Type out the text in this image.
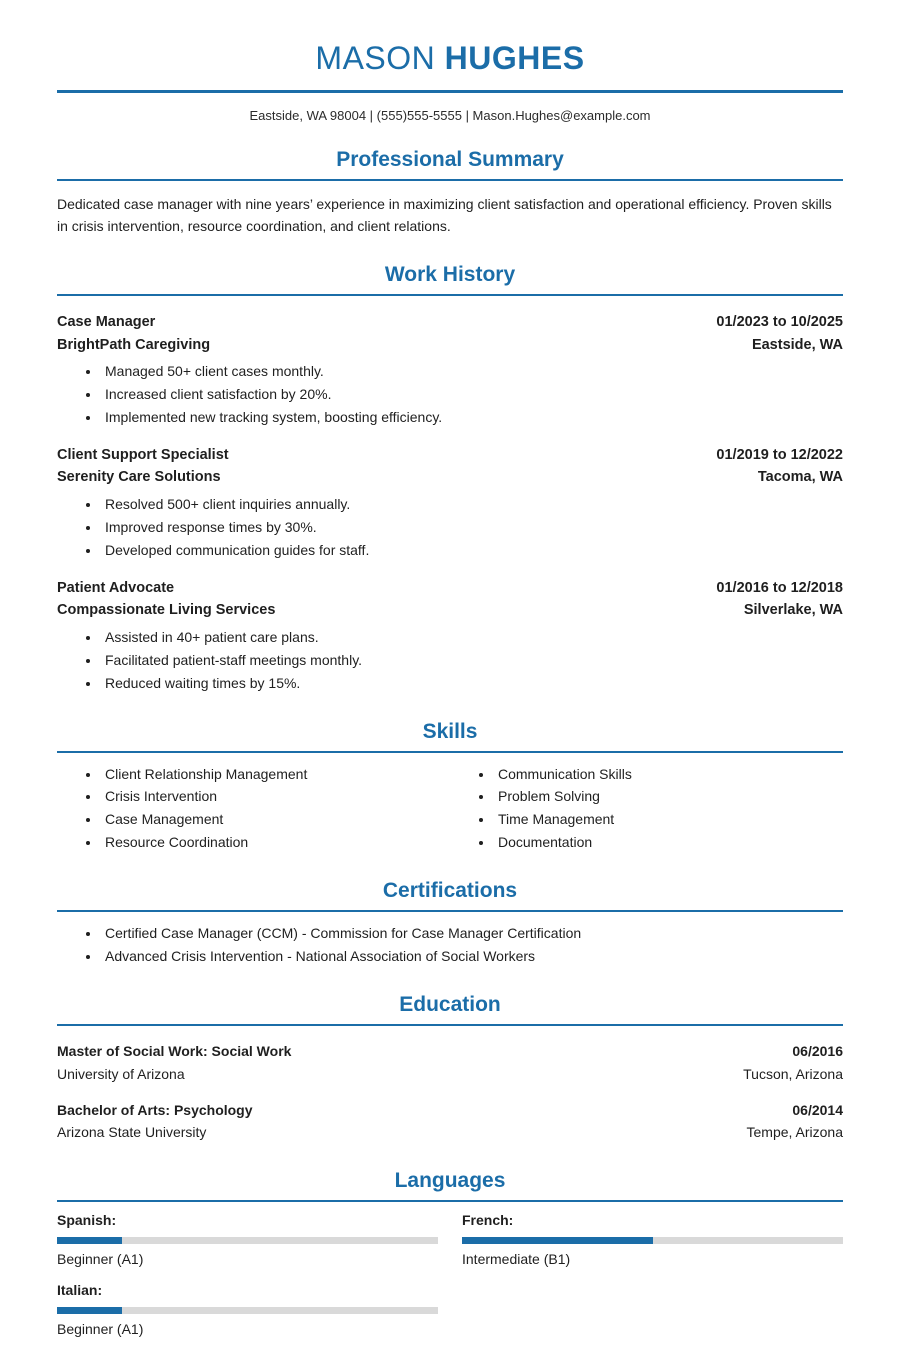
MASON HUGHES
Eastside, WA 98004 | (555)555-5555 | Mason.Hughes@example.com
Professional Summary

Dedicated case manager with nine years’ experience in maximizing client satisfaction and operational efficiency. Proven skills in crisis intervention, resource coordination, and client relations.

Work History
Case Manager
BrightPath Caregiving
01/2023 to 10/2025
Eastside, WA
• Managed 50+ client cases monthly.
• Increased client satisfaction by 20%.
• Implemented new tracking system, boosting efficiency.
Client Support Specialist
Serenity Care Solutions
01/2019 to 12/2022
Tacoma, WA
• Resolved 500+ client inquiries annually.
• Improved response times by 30%.
• Developed communication guides for staff.
Patient Advocate
Compassionate Living Services
01/2016 to 12/2018
Silverlake, WA
• Assisted in 40+ patient care plans.
• Facilitated patient-staff meetings monthly.
• Reduced waiting times by 15%.
Skills
• Client Relationship Management
• Crisis Intervention
• Case Management
• Resource Coordination
• Communication Skills
• Problem Solving
• Time Management
• Documentation
Certifications
• Certified Case Manager (CCM) - Commission for Case Manager Certification
• Advanced Crisis Intervention - National Association of Social Workers
Education
Master of Social Work: Social Work
University of Arizona
06/2016
Tucson, Arizona
Bachelor of Arts: Psychology
Arizona State University
06/2014
Tempe, Arizona
Languages
Spanish:
Beginner (A1)
French:
Intermediate (B1)
Italian:
Beginner (A1)
